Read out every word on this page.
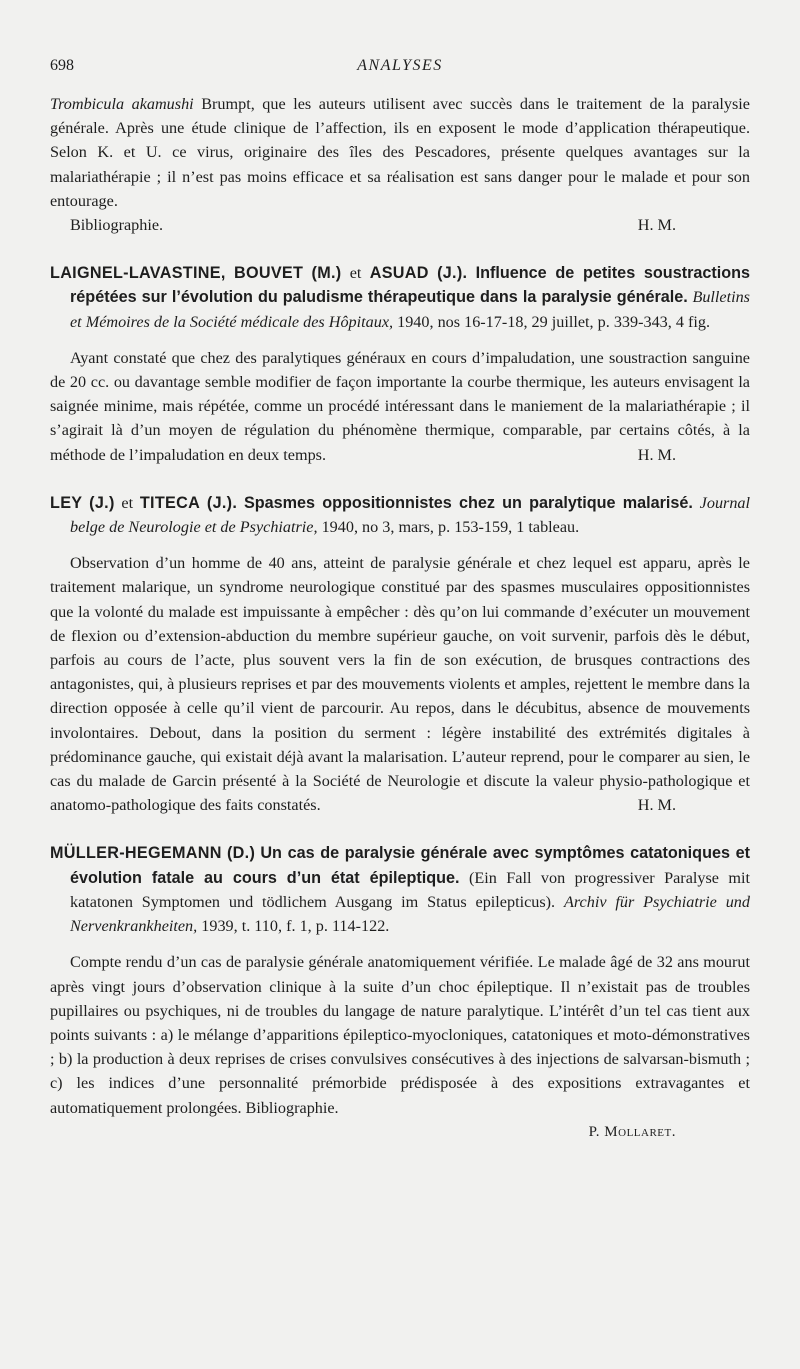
698	ANALYSES

Trombicula akamushi Brumpt, que les auteurs utilisent avec succès dans le traitement de la paralysie générale. Après une étude clinique de l’affection, ils en exposent le mode d’application thérapeutique. Selon K. et U. ce virus, originaire des îles des Pescadores, présente quelques avantages sur la malariathérapie ; il n’est pas moins efficace et sa réalisation est sans danger pour le malade et pour son entourage.

Bibliographie.	H. M.

LAIGNEL-LAVASTINE, BOUVET (M.) et ASUAD (J.). Influence de petites soustractions répétées sur l’évolution du paludisme thérapeutique dans la paralysie générale. Bulletins et Mémoires de la Société médicale des Hôpitaux, 1940, nos 16-17-18, 29 juillet, p. 339-343, 4 fig.

Ayant constaté que chez des paralytiques généraux en cours d’impaludation, une soustraction sanguine de 20 cc. ou davantage semble modifier de façon importante la courbe thermique, les auteurs envisagent la saignée minime, mais répétée, comme un procédé intéressant dans le maniement de la malariathérapie ; il s’agirait là d’un moyen de régulation du phénomène thermique, comparable, par certains côtés, à la méthode de l’impaludation en deux temps.	H. M.

LEY (J.) et TITECA (J.). Spasmes oppositionnistes chez un paralytique malarisé. Journal belge de Neurologie et de Psychiatrie, 1940, no 3, mars, p. 153-159, 1 tableau.

Observation d’un homme de 40 ans, atteint de paralysie générale et chez lequel est apparu, après le traitement malarique, un syndrome neurologique constitué par des spasmes musculaires oppositionnistes que la volonté du malade est impuissante à empêcher : dès qu’on lui commande d’exécuter un mouvement de flexion ou d’extension-abduction du membre supérieur gauche, on voit survenir, parfois dès le début, parfois au cours de l’acte, plus souvent vers la fin de son exécution, de brusques contractions des antagonistes, qui, à plusieurs reprises et par des mouvements violents et amples, rejettent le membre dans la direction opposée à celle qu’il vient de parcourir. Au repos, dans le décubitus, absence de mouvements involontaires. Debout, dans la position du serment : légère instabilité des extrémités digitales à prédominance gauche, qui existait déjà avant la malarisation. L’auteur reprend, pour le comparer au sien, le cas du malade de Garcin présenté à la Société de Neurologie et discute la valeur physio-pathologique et anatomo-pathologique des faits constatés.	H. M.

MÜLLER-HEGEMANN (D.) Un cas de paralysie générale avec symptômes catatoniques et évolution fatale au cours d’un état épileptique. (Ein Fall von progressiver Paralyse mit katatonen Symptomen und tödlichem Ausgang im Status epilepticus). Archiv für Psychiatrie und Nervenkrankheiten, 1939, t. 110, f. 1, p. 114-122.

Compte rendu d’un cas de paralysie générale anatomiquement vérifiée. Le malade âgé de 32 ans mourut après vingt jours d’observation clinique à la suite d’un choc épileptique. Il n’existait pas de troubles pupillaires ou psychiques, ni de troubles du langage de nature paralytique. L’intérêt d’un tel cas tient aux points suivants : a) le mélange d’apparitions épileptico-myocloniques, catatoniques et moto-démonstratives ; b) la production à deux reprises de crises convulsives consécutives à des injections de salvarsan-bismuth ; c) les indices d’une personnalité prémorbide prédisposée à des expositions extravagantes et automatiquement prolongées. Bibliographie.

P. Mollaret.
